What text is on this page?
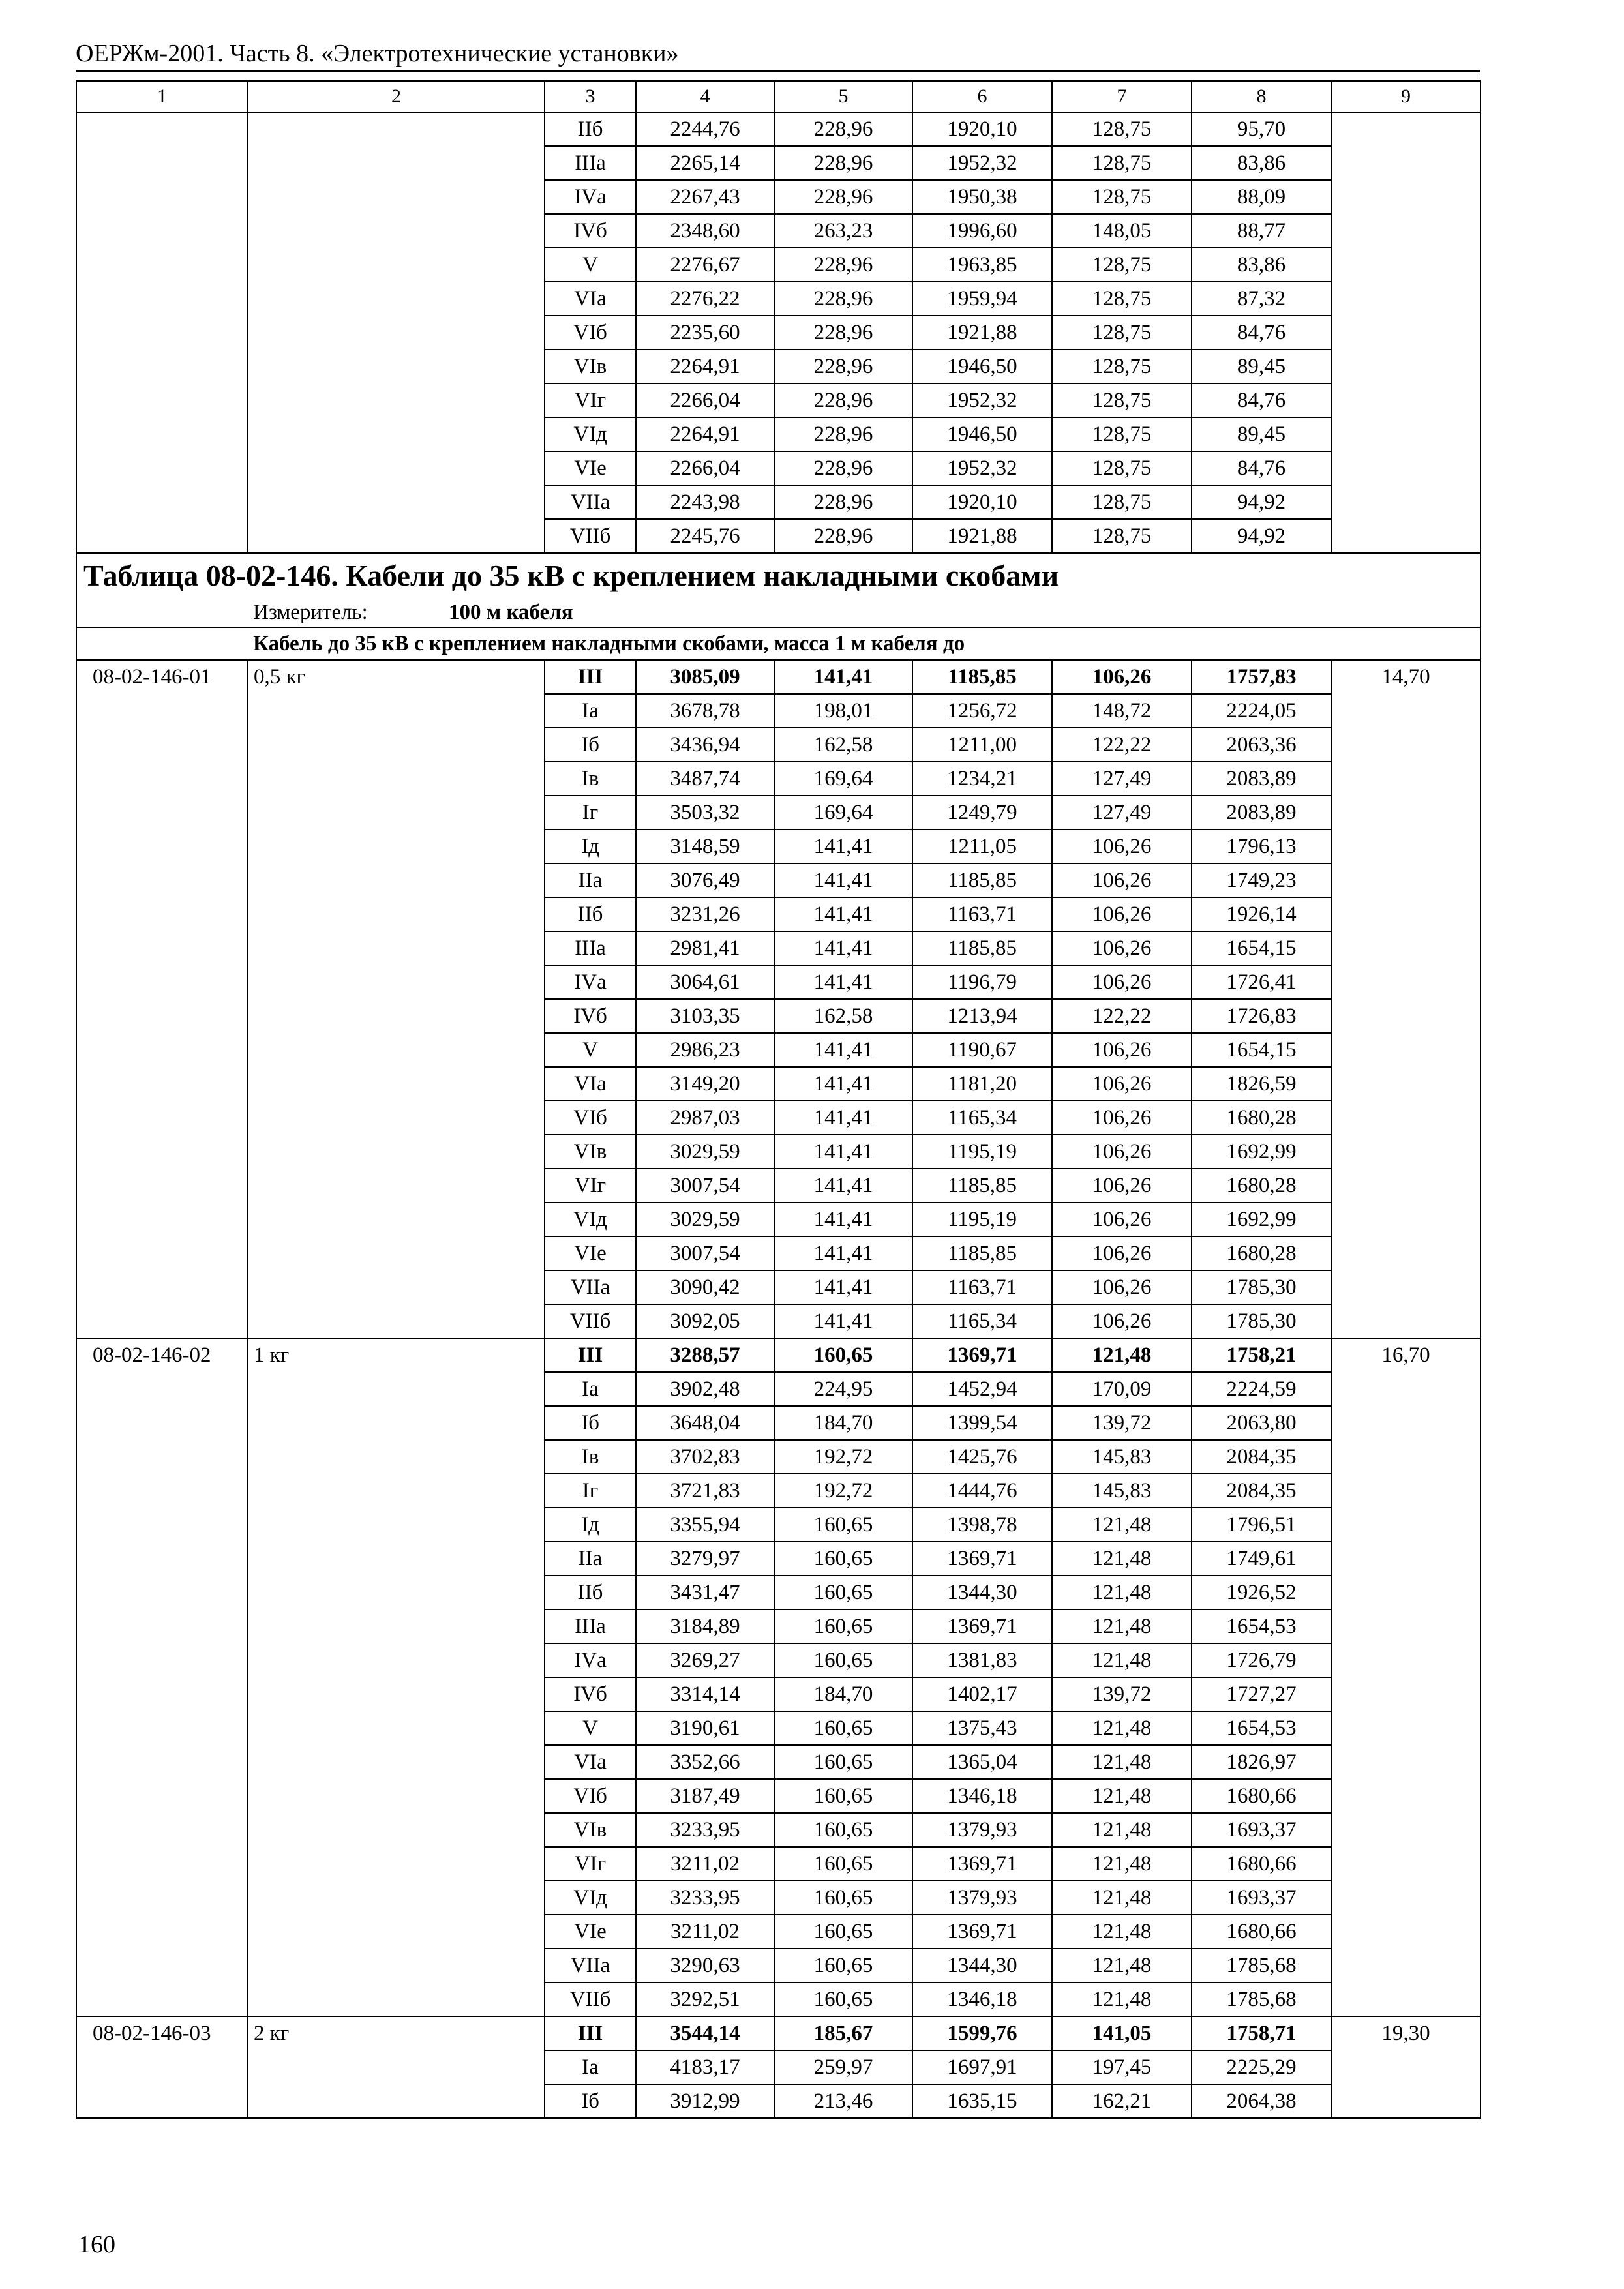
ОЕРЖм-2001. Часть 8. «Электротехнические установки»
1	2	3	4	5	6	7	8	9
		IIб	2244,76	228,96	1920,10	128,75	95,70	
		IIIа	2265,14	228,96	1952,32	128,75	83,86	
		IVа	2267,43	228,96	1950,38	128,75	88,09	
		IVб	2348,60	263,23	1996,60	148,05	88,77	
		V	2276,67	228,96	1963,85	128,75	83,86	
		VIа	2276,22	228,96	1959,94	128,75	87,32	
		VIб	2235,60	228,96	1921,88	128,75	84,76	
		VIв	2264,91	228,96	1946,50	128,75	89,45	
		VIг	2266,04	228,96	1952,32	128,75	84,76	
		VIд	2264,91	228,96	1946,50	128,75	89,45	
		VIе	2266,04	228,96	1952,32	128,75	84,76	
		VIIа	2243,98	228,96	1920,10	128,75	94,92	
		VIIб	2245,76	228,96	1921,88	128,75	94,92	
Таблица 08-02-146. Кабели до 35 кВ с креплением накладными скобами								
Измеритель: 100 м кабеля								
Кабель до 35 кВ с креплением накладными скобами, масса 1 м кабеля до								
08-02-146-01	0,5 кг	III	3085,09	141,41	1185,85	106,26	1757,83	14,70
		Iа	3678,78	198,01	1256,72	148,72	2224,05	
		Iб	3436,94	162,58	1211,00	122,22	2063,36	
		Iв	3487,74	169,64	1234,21	127,49	2083,89	
		Iг	3503,32	169,64	1249,79	127,49	2083,89	
		Iд	3148,59	141,41	1211,05	106,26	1796,13	
		IIа	3076,49	141,41	1185,85	106,26	1749,23	
		IIб	3231,26	141,41	1163,71	106,26	1926,14	
		IIIа	2981,41	141,41	1185,85	106,26	1654,15	
		IVа	3064,61	141,41	1196,79	106,26	1726,41	
		IVб	3103,35	162,58	1213,94	122,22	1726,83	
		V	2986,23	141,41	1190,67	106,26	1654,15	
		VIа	3149,20	141,41	1181,20	106,26	1826,59	
		VIб	2987,03	141,41	1165,34	106,26	1680,28	
		VIв	3029,59	141,41	1195,19	106,26	1692,99	
		VIг	3007,54	141,41	1185,85	106,26	1680,28	
		VIд	3029,59	141,41	1195,19	106,26	1692,99	
		VIе	3007,54	141,41	1185,85	106,26	1680,28	
		VIIа	3090,42	141,41	1163,71	106,26	1785,30	
		VIIб	3092,05	141,41	1165,34	106,26	1785,30	
08-02-146-02	1 кг	III	3288,57	160,65	1369,71	121,48	1758,21	16,70
		Iа	3902,48	224,95	1452,94	170,09	2224,59	
		Iб	3648,04	184,70	1399,54	139,72	2063,80	
		Iв	3702,83	192,72	1425,76	145,83	2084,35	
		Iг	3721,83	192,72	1444,76	145,83	2084,35	
		Iд	3355,94	160,65	1398,78	121,48	1796,51	
		IIа	3279,97	160,65	1369,71	121,48	1749,61	
		IIб	3431,47	160,65	1344,30	121,48	1926,52	
		IIIа	3184,89	160,65	1369,71	121,48	1654,53	
		IVа	3269,27	160,65	1381,83	121,48	1726,79	
		IVб	3314,14	184,70	1402,17	139,72	1727,27	
		V	3190,61	160,65	1375,43	121,48	1654,53	
		VIа	3352,66	160,65	1365,04	121,48	1826,97	
		VIб	3187,49	160,65	1346,18	121,48	1680,66	
		VIв	3233,95	160,65	1379,93	121,48	1693,37	
		VIг	3211,02	160,65	1369,71	121,48	1680,66	
		VIд	3233,95	160,65	1379,93	121,48	1693,37	
		VIе	3211,02	160,65	1369,71	121,48	1680,66	
		VIIа	3290,63	160,65	1344,30	121,48	1785,68	
		VIIб	3292,51	160,65	1346,18	121,48	1785,68	
08-02-146-03	2 кг	III	3544,14	185,67	1599,76	141,05	1758,71	19,30
		Iа	4183,17	259,97	1697,91	197,45	2225,29	
		Iб	3912,99	213,46	1635,15	162,21	2064,38	
160
